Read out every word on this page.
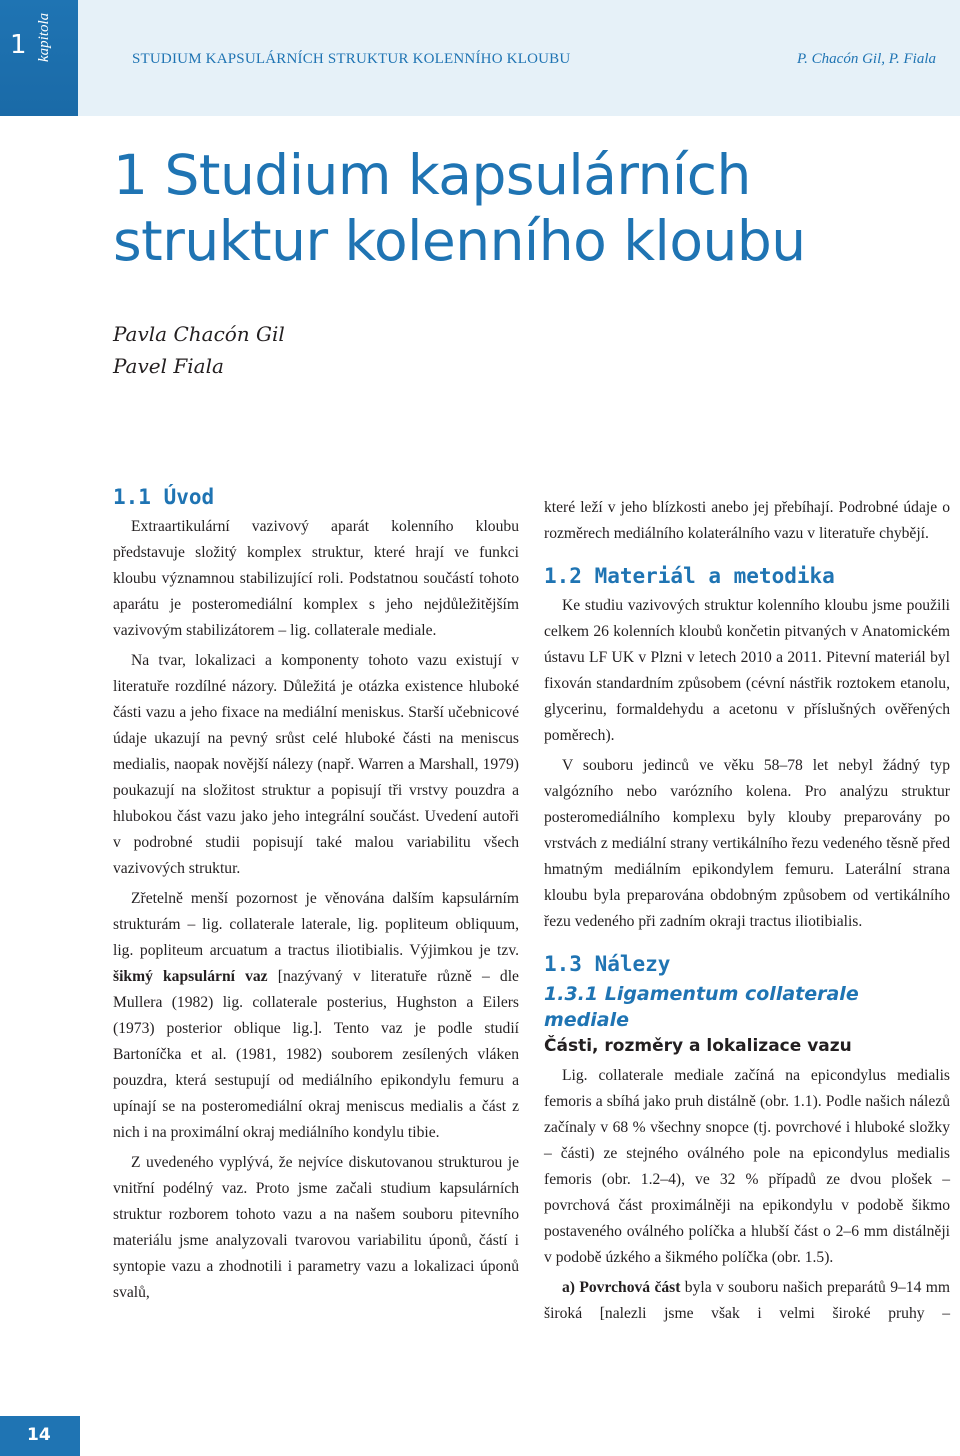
1 kapitola	STUDIUM KAPSULÁRNÍCH STRUKTUR KOLENNÍHO KLOUBU	P. Chacón Gil, P. Fiala
1 Studium kapsulárních
struktur kolenního kloubu
Pavla Chacón Gil
Pavel Fiala
1.1 Úvod

Extraartikulární vazivový aparát kolenního kloubu představuje složitý komplex struktur, které hrají ve funkci kloubu významnou stabilizující roli. Podstatnou součástí tohoto aparátu je posteromediální komplex s jeho nejdůležitějším vazivovým stabilizátorem – lig. collaterale mediale.

Na tvar, lokalizaci a komponenty tohoto vazu existují v literatuře rozdílné názory. Důležitá je otázka existence hluboké části vazu a jeho fixace na mediální meniskus. Starší učebnicové údaje ukazují na pevný srůst celé hluboké části na meniscus medialis, naopak novější nálezy (např. Warren a Marshall, 1979) poukazují na složitost struktur a popisují tři vrstvy pouzdra a hlubokou část vazu jako jeho integrální součást. Uvedení autoři v podrobné studii popisují také malou variabilitu všech vazivových struktur.

Zřetelně menší pozornost je věnována dalším kapsulárním strukturám – lig. collaterale laterale, lig. popliteum obliquum, lig. popliteum arcuatum a tractus iliotibialis. Výjimkou je tzv. šikmý kapsulární vaz [nazývaný v literatuře různě – dle Mullera (1982) lig. collaterale posterius, Hughston a Eilers (1973) posterior oblique lig.]. Tento vaz je podle studií Bartoníčka et al. (1981, 1982) souborem zesílených vláken pouzdra, která sestupují od mediálního epikondylu femuru a upínají se na posteromediální okraj meniscus medialis a část z nich i na proximální okraj mediálního kondylu tibie.

Z uvedeného vyplývá, že nejvíce diskutovanou strukturou je vnitřní podélný vaz. Proto jsme začali studium kapsulárních struktur rozborem tohoto vazu a na našem souboru pitevního materiálu jsme analyzovali tvarovou variabilitu úponů, částí i syntopie vazu a zhodnotili i parametry vazu a lokalizaci úponů svalů,

které leží v jeho blízkosti anebo jej přebíhají. Podrobné údaje o rozměrech mediálního kolaterálního vazu v literatuře chybějí.

1.2 Materiál a metodika

Ke studiu vazivových struktur kolenního kloubu jsme použili celkem 26 kolenních kloubů končetin pitvaných v Anatomickém ústavu LF UK v Plzni v letech 2010 a 2011. Pitevní materiál byl fixován standardním způsobem (cévní nástřik roztokem etanolu, glycerinu, formaldehydu a acetonu v příslušných ověřených poměrech).

V souboru jedinců ve věku 58–78 let nebyl žádný typ valgózního nebo varózního kolena. Pro analýzu struktur posteromediálního komplexu byly klouby preparovány po vrstvách z mediální strany vertikálního řezu vedeného těsně před hmatným mediálním epikondylem femuru. Laterální strana kloubu byla preparována obdobným způsobem od vertikálního řezu vedeného při zadním okraji tractus iliotibialis.

1.3 Nálezy
1.3.1 Ligamentum collaterale mediale
Části, rozměry a lokalizace vazu

Lig. collaterale mediale začíná na epicondylus medialis femoris a sbíhá jako pruh distálně (obr. 1.1). Podle našich nálezů začínaly v 68 % všechny snopce (tj. povrchové i hluboké složky – části) ze stejného oválného pole na epicondylus medialis femoris (obr. 1.2–4), ve 32 % případů ze dvou plošek – povrchová část proximálněji na epikondylu v podobě šikmo postaveného oválného políčka a hlubší část o 2–6 mm distálněji v podobě úzkého a šikmého políčka (obr. 1.5).

a) Povrchová část byla v souboru našich preparátů 9–14 mm široká [nalezli jsme však i velmi široké pruhy –

14
